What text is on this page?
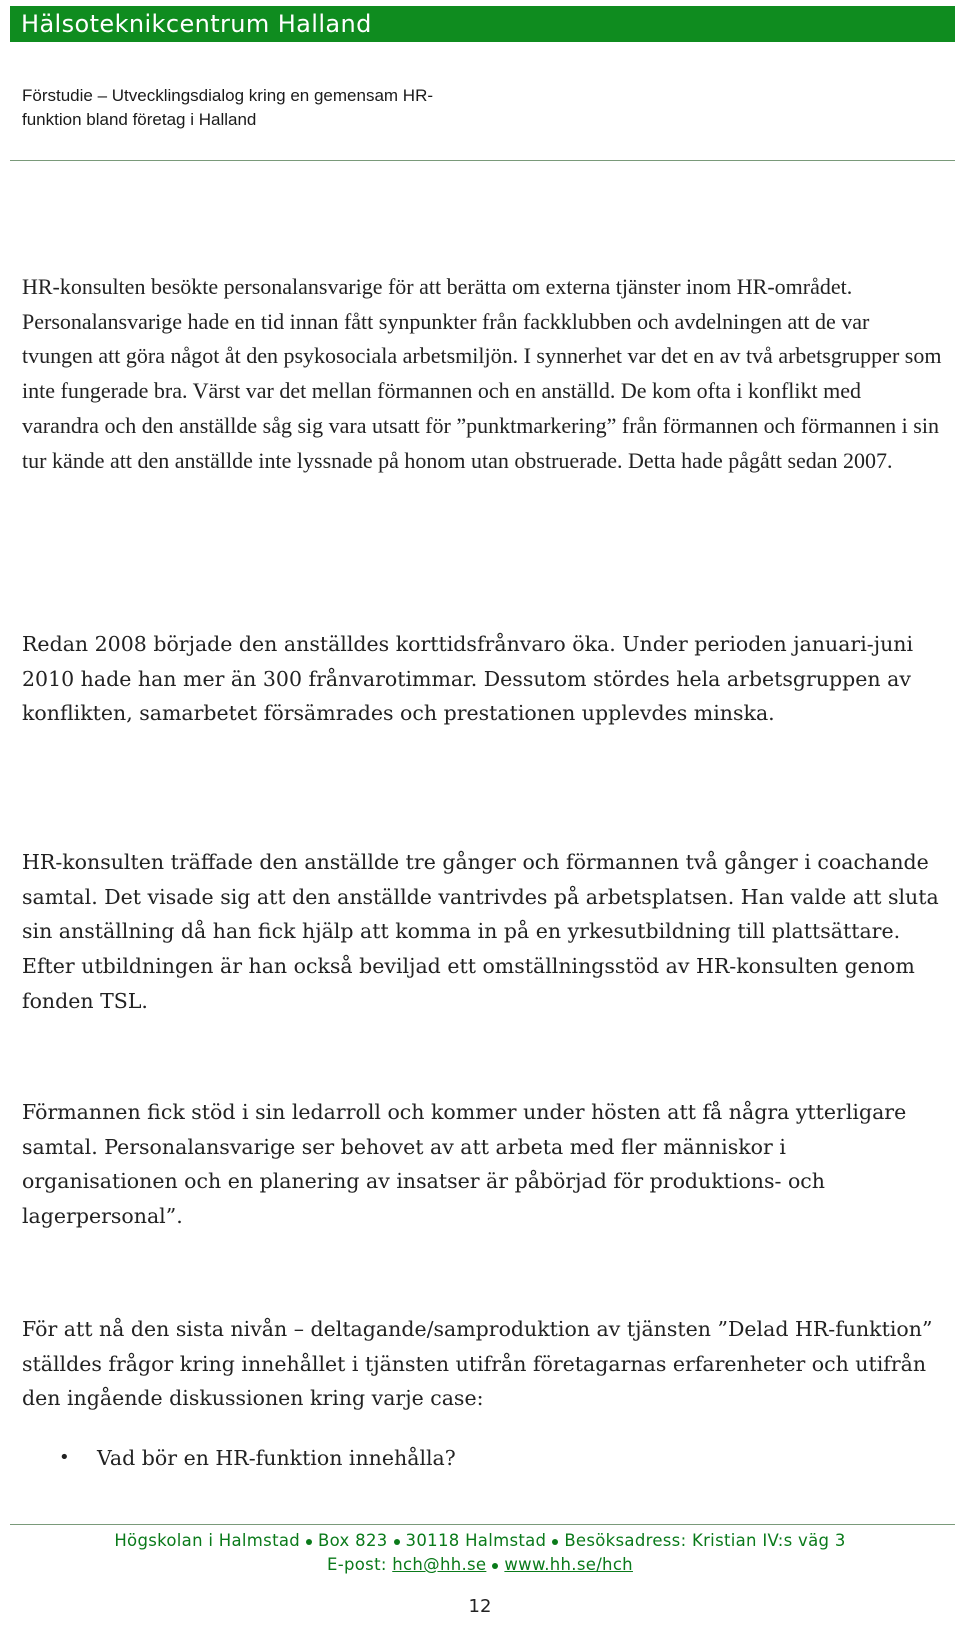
Hälsoteknikcentrum Halland
Förstudie – Utvecklingsdialog kring en gemensam HR-
funktion bland företag i Halland

HR-konsulten besökte personalansvarige för att berätta om externa tjänster inom HR-området. Personalansvarige hade en tid innan fått synpunkter från fackklubben och avdelningen att de var tvungen att göra något åt den psykosociala arbetsmiljön. I synnerhet var det en av två arbetsgrupper som inte fungerade bra. Värst var det mellan förmannen och en anställd. De kom ofta i konflikt med varandra och den anställde såg sig vara utsatt för ”punktmarkering” från förmannen och förmannen i sin tur kände att den anställde inte lyssnade på honom utan obstruerade. Detta hade pågått sedan 2007.

Redan 2008 började den anställdes korttidsfrånvaro öka. Under perioden januari-juni 2010 hade han mer än 300 frånvarotimmar. Dessutom stördes hela arbetsgruppen av konflikten, samarbetet försämrades och prestationen upplevdes minska.

HR-konsulten träffade den anställde tre gånger och förmannen två gånger i coachande samtal. Det visade sig att den anställde vantrivdes på arbetsplatsen. Han valde att sluta sin anställning då han fick hjälp att komma in på en yrkesutbildning till plattsättare. Efter utbildningen är han också beviljad ett omställningsstöd av HR-konsulten genom fonden TSL.

Förmannen fick stöd i sin ledarroll och kommer under hösten att få några ytterligare samtal. Personalansvarige ser behovet av att arbeta med fler människor i organisationen och en planering av insatser är påbörjad för produktions- och lagerpersonal”.

För att nå den sista nivån – deltagande/samproduktion av tjänsten ”Delad HR-funktion” ställdes frågor kring innehållet i tjänsten utifrån företagarnas erfarenheter och utifrån den ingående diskussionen kring varje case:

• Vad bör en HR-funktion innehålla?
Högskolan i Halmstad Box 823 30118 Halmstad Besöksadress: Kristian IV:s väg 3
E-post: hch@hh.se www.hh.se/hch
12
